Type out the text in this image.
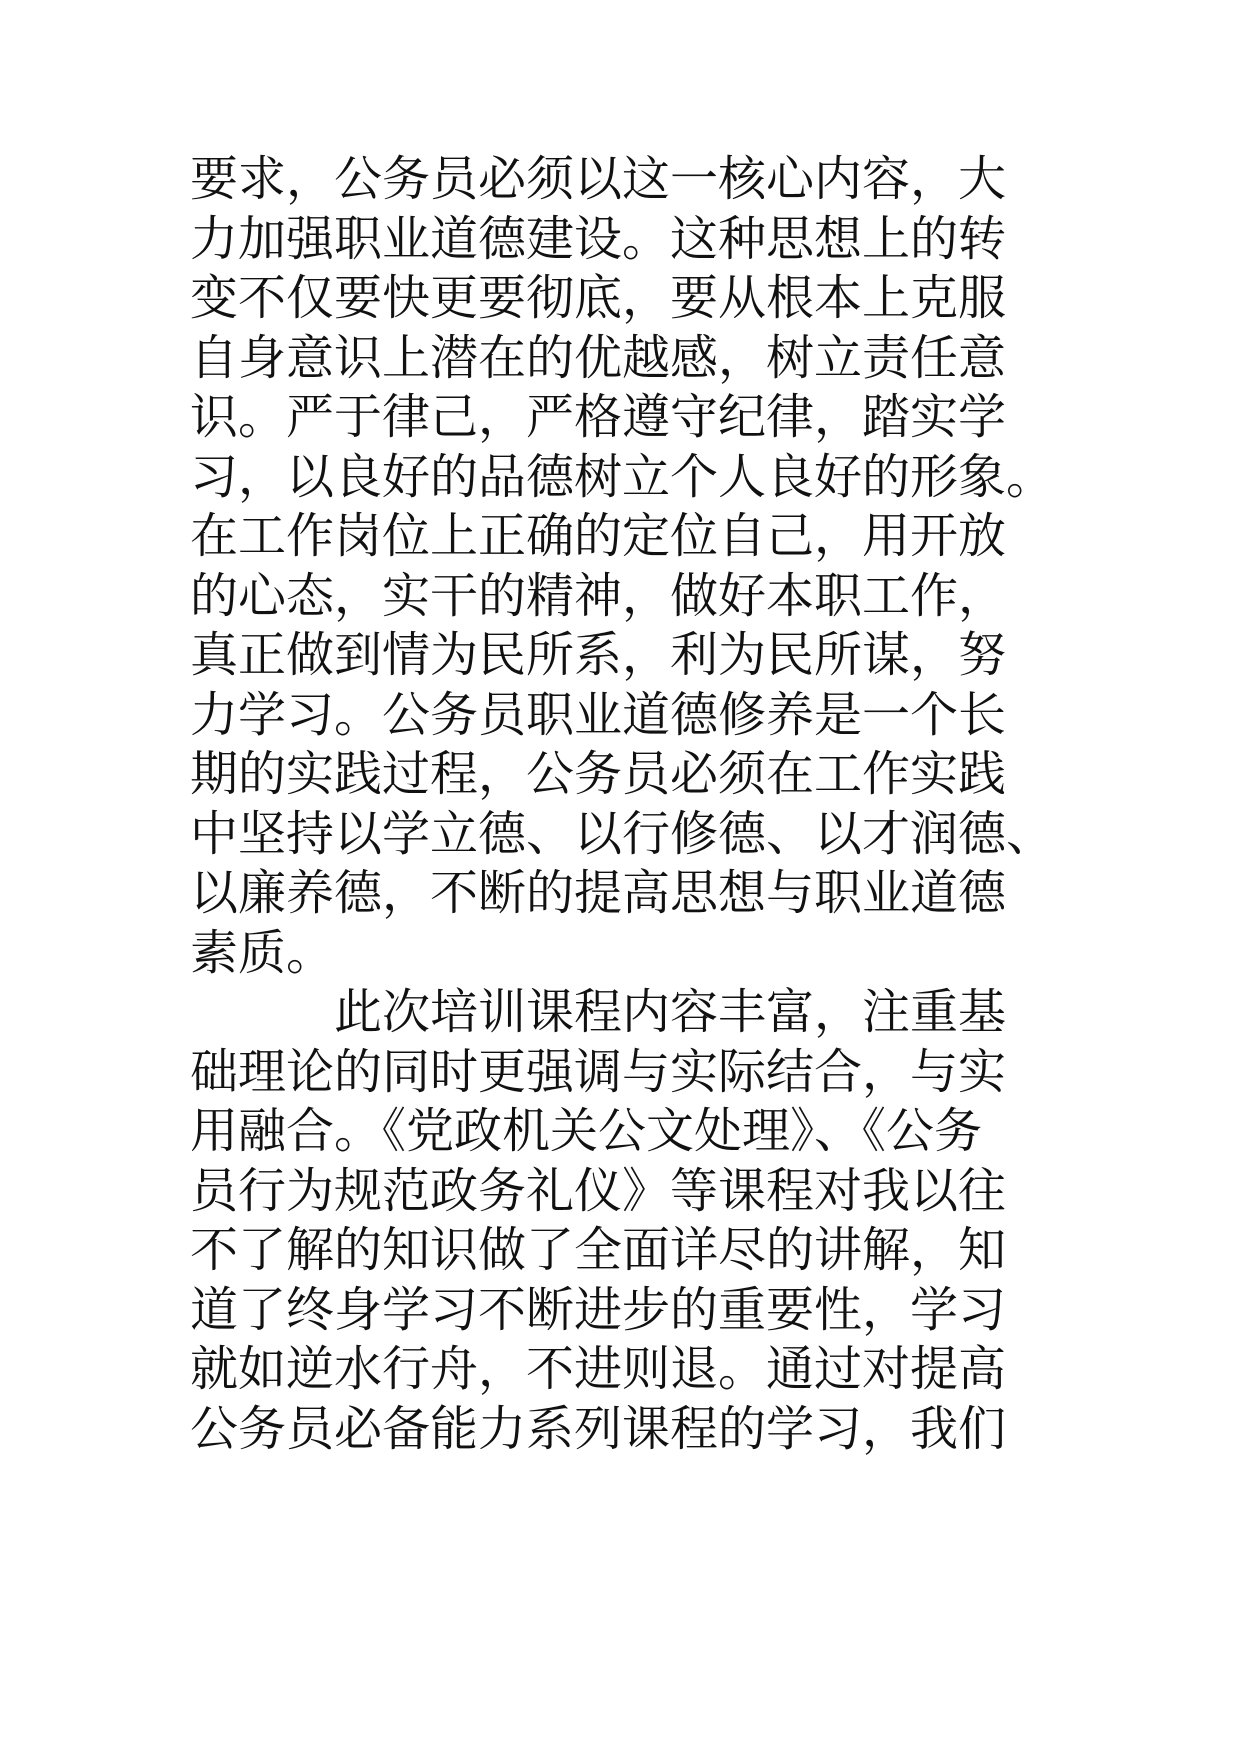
要求，公务员必须以这一核心内容，大
力加强职业道德建设。这种思想上的转
变不仅要快更要彻底，要从根本上克服
自身意识上潜在的优越感，树立责任意
识。严于律己，严格遵守纪律，踏实学
习，以良好的品德树立个人良好的形象。
在工作岗位上正确的定位自己，用开放
的心态，实干的精神，做好本职工作，
真正做到情为民所系，利为民所谋，努
力学习。公务员职业道德修养是一个长
期的实践过程，公务员必须在工作实践
中坚持以学立德、以行修德、以才润德、
以廉养德，不断的提高思想与职业道德
素质。
此次培训课程内容丰富，注重基
础理论的同时更强调与实际结合，与实
用融合。《党政机关公文处理》、《公务
员行为规范政务礼仪》等课程对我以往
不了解的知识做了全面详尽的讲解，知
道了终身学习不断进步的重要性，学习
就如逆水行舟，不进则退。通过对提高
公务员必备能力系列课程的学习，我们
